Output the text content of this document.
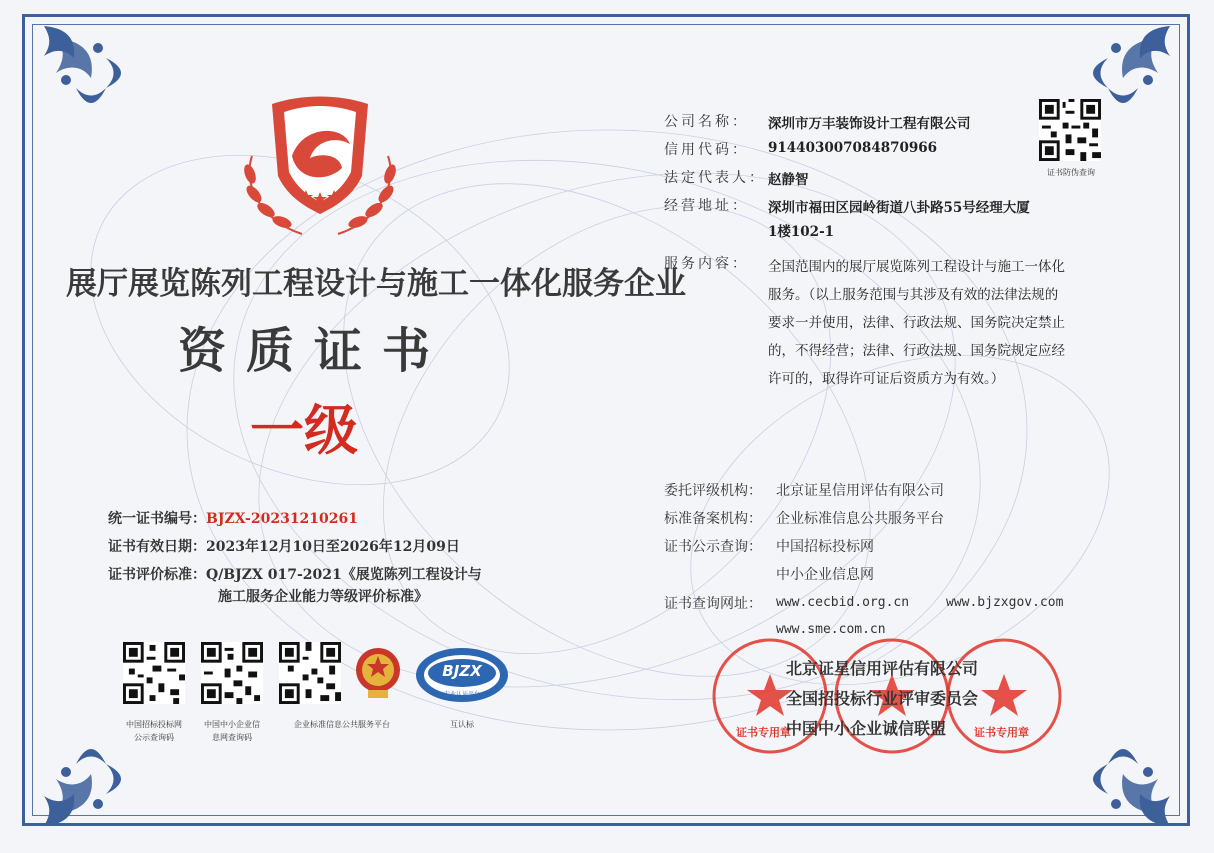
展厅展览陈列工程设计与施工一体化服务企业
资质证书
一级
公司名称： 深圳市万丰装饰设计工程有限公司
信用代码： 914403007084870966
法定代表人： 赵静智
经营地址： 深圳市福田区园岭街道八卦路55号经理大厦
1楼102-1
服务内容： 全国范围内的展厅展览陈列工程设计与施工一体化
服务。（以上服务范围与其涉及有效的法律法规的
要求一并使用，法律、行政法规、国务院决定禁止
的，不得经营；法律、行政法规、国务院规定应经
许可的，取得许可证后资质方为有效。）
证书防伪查询
统一证书编号：BJZX-20231210261
证书有效日期：2023年12月10日至2026年12月09日
证书评价标准：Q/BJZX 017-2021《展览陈列工程设计与
施工服务企业能力等级评价标准》
委托评级机构： 北京证星信用评估有限公司
标准备案机构： 企业标准信息公共服务平台
证书公示查询： 中国招标投标网
中小企业信息网
证书查询网址： www.cecbid.org.cn	www.bjzxgov.com
www.sme.com.cn
BJZX
专业认证平台
中国招标投标网
公示查询码
中国中小企业信
息网查询码
企业标准信息公共服务平台	互认标
证书专用章	证书专用章
北京证星信用评估有限公司
全国招投标行业评审委员会
中国中小企业诚信联盟
